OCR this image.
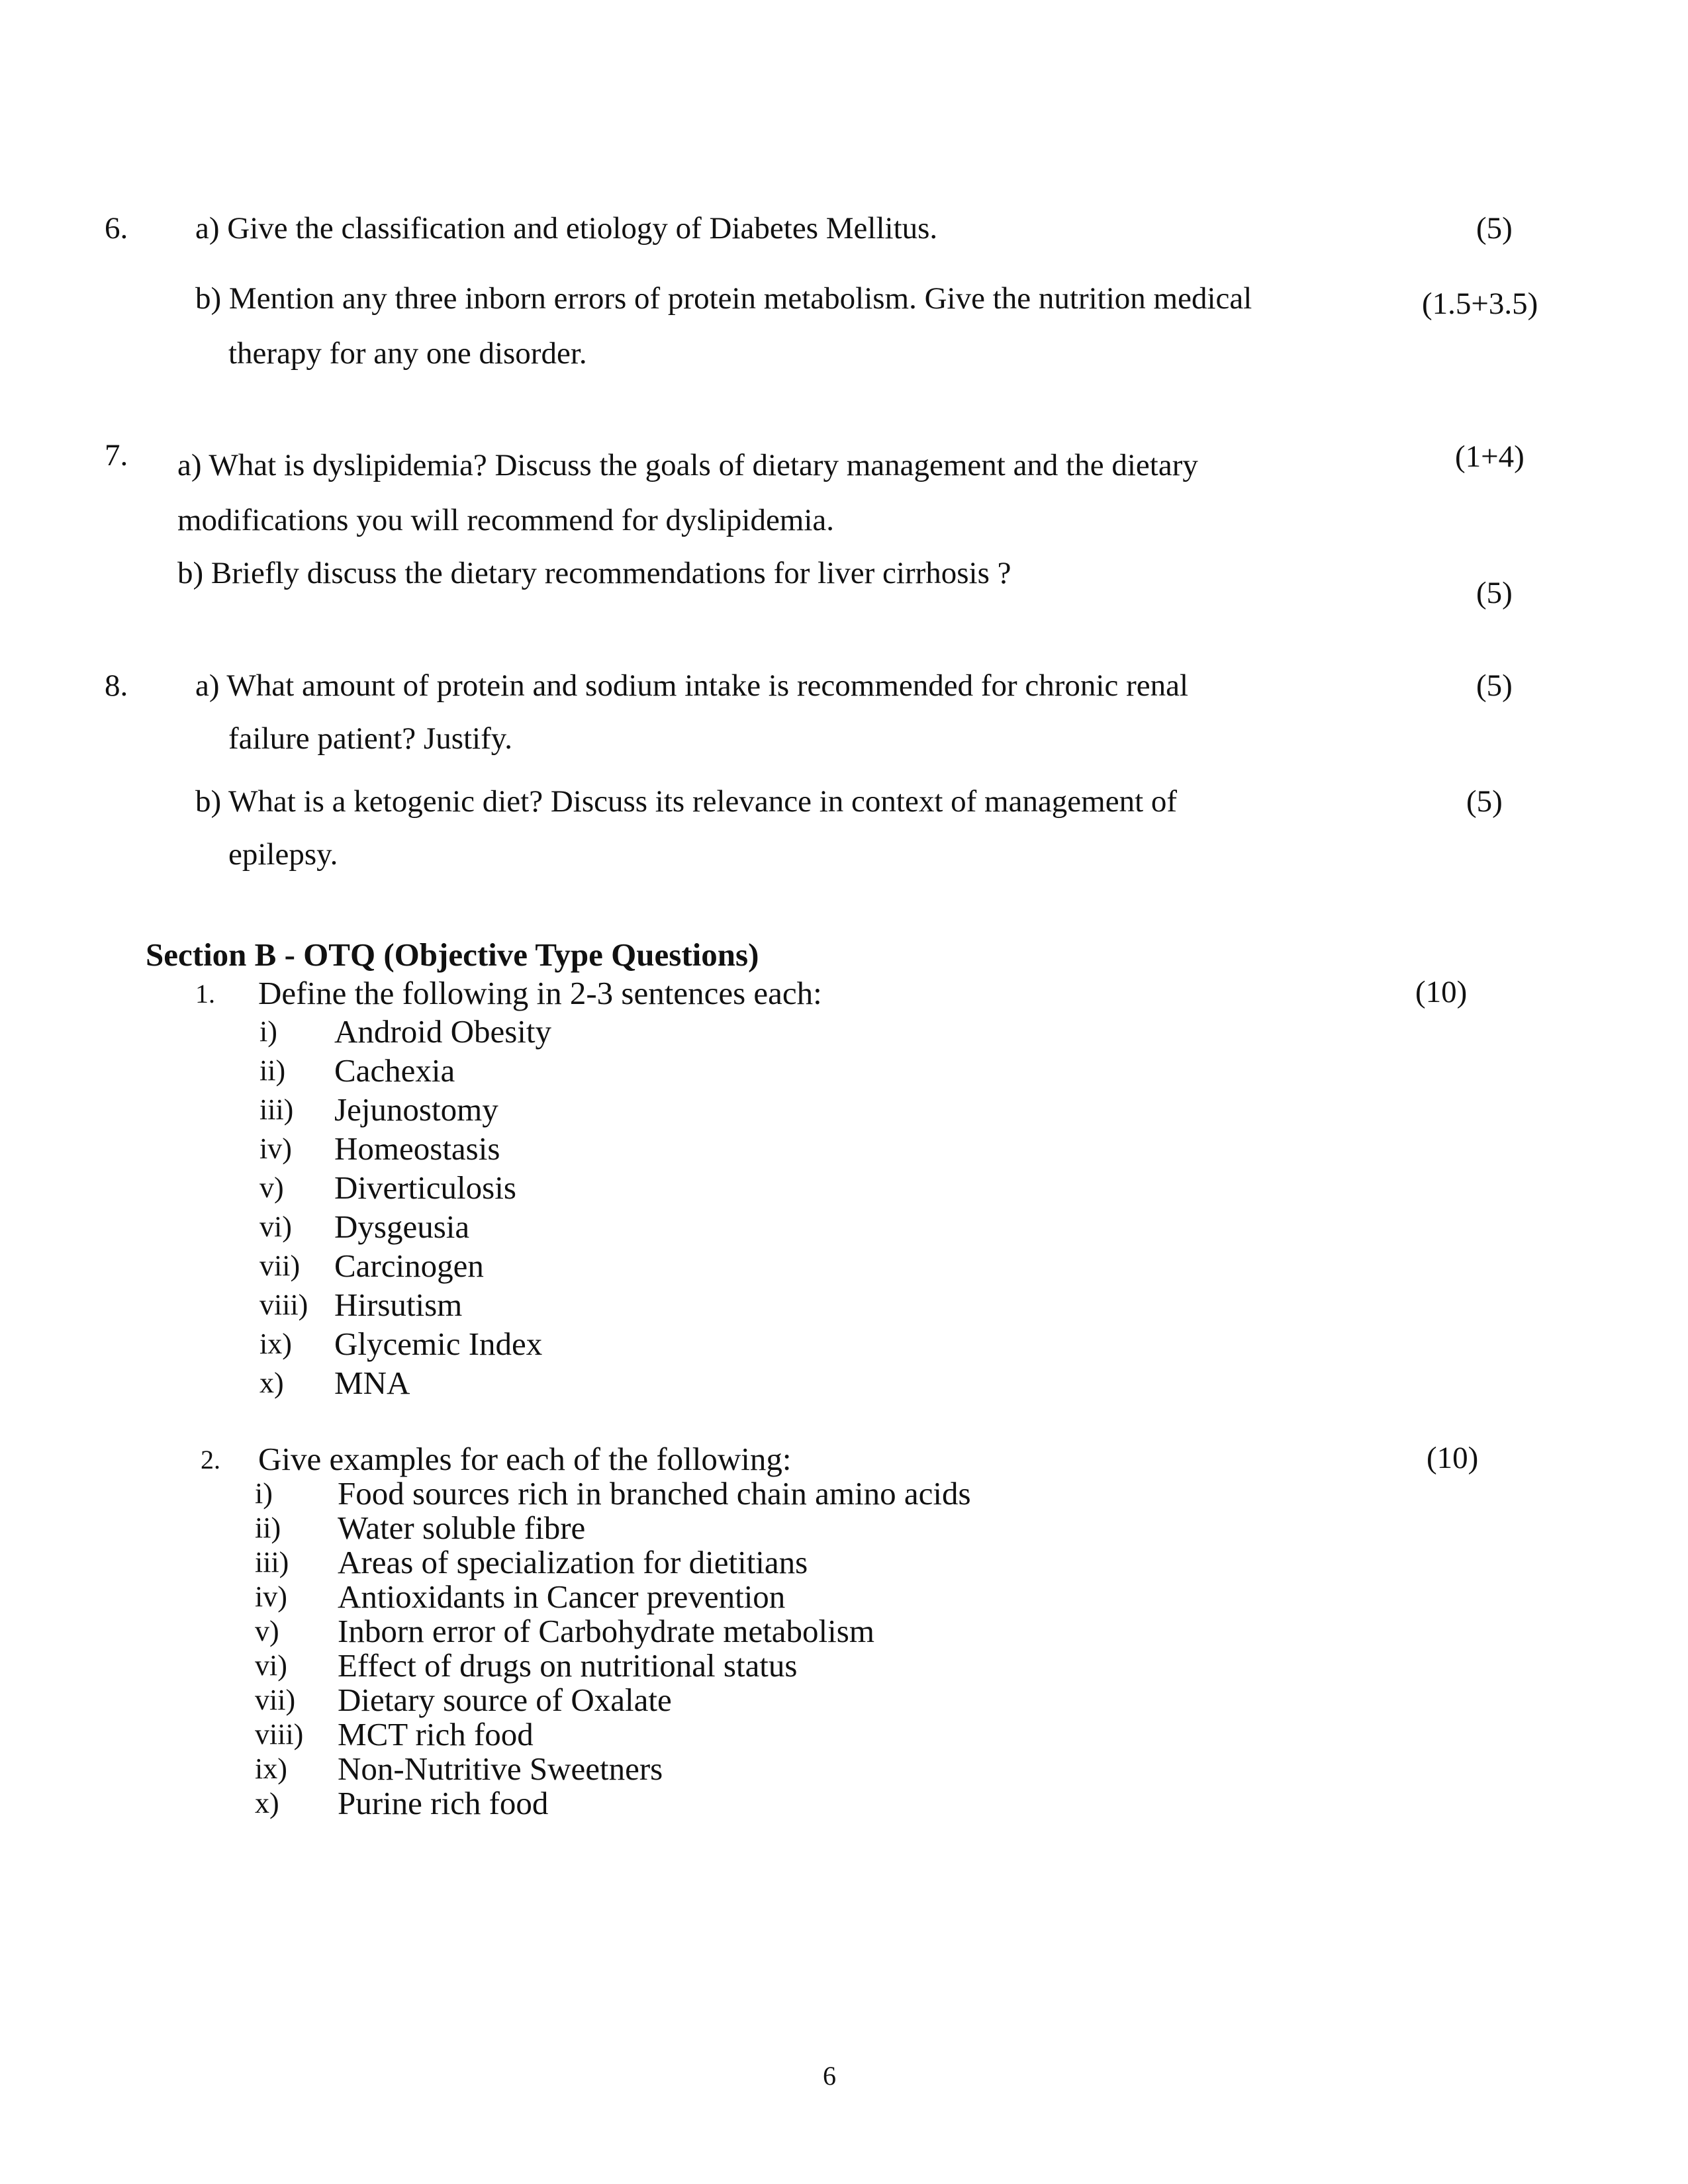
6. a) Give the classification and etiology of Diabetes Mellitus.	(5)
b) Mention any three inborn errors of protein metabolism. Give the nutrition medical
therapy for any one disorder.
(1.5+3.5)
7. a) What is dyslipidemia? Discuss the goals of dietary management and the dietary
modifications you will recommend for dyslipidemia.
(1+4)
b) Briefly discuss the dietary recommendations for liver cirrhosis ?
(5)
8. a) What amount of protein and sodium intake is recommended for chronic renal
failure patient? Justify.
(5)
b) What is a ketogenic diet? Discuss its relevance in context of management of
epilepsy.
(5)
Section B - OTQ (Objective Type Questions)
1. Define the following in 2-3 sentences each:	(10)
i) Android Obesity
ii) Cachexia
iii) Jejunostomy
iv) Homeostasis
v) Diverticulosis
vi) Dysgeusia
vii) Carcinogen
viii) Hirsutism
ix) Glycemic Index
x) MNA
2. Give examples for each of the following:	(10)
i) Food sources rich in branched chain amino acids
ii) Water soluble fibre
iii) Areas of specialization for dietitians
iv) Antioxidants in Cancer prevention
v) Inborn error of Carbohydrate metabolism
vi) Effect of drugs on nutritional status
vii) Dietary source of Oxalate
viii) MCT rich food
ix) Non-Nutritive Sweetners
x) Purine rich food
6
